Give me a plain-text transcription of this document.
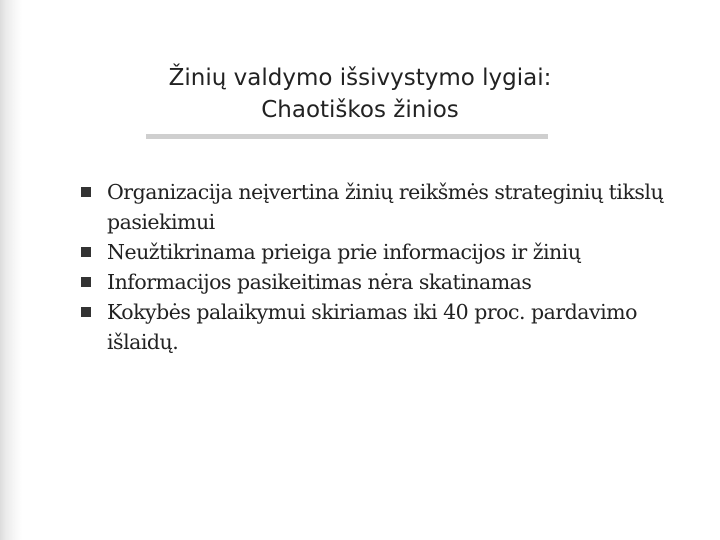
Žinių valdymo išsivystymo lygiai:
Chaotiškos žinios
Organizacija neįvertina žinių reikšmės strateginių tikslų pasiekimui
Neužtikrinama prieiga prie informacijos ir žinių
Informacijos pasikeitimas nėra skatinamas
Kokybės palaikymui skiriamas iki 40 proc. pardavimo išlaidų.
